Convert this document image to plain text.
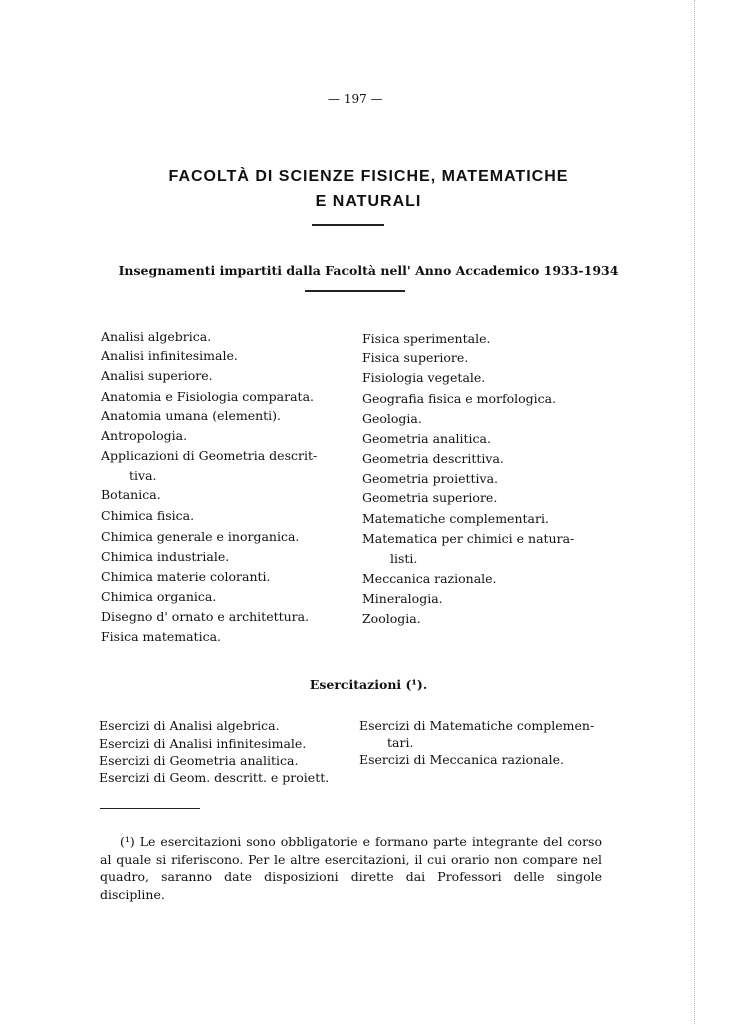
— 197 —
FACOLTÀ DI SCIENZE FISICHE, MATEMATICHE
E NATURALI
Insegnamenti impartiti dalla Facoltà nell' Anno Accademico 1933-1934
Analisi algebrica.
Analisi infinitesimale.
Analisi superiore.
Anatomia e Fisiologia comparata.
Anatomia umana (elementi).
Antropologia.
Applicazioni di Geometria descrit-
tiva.
Botanica.
Chimica fisica.
Chimica generale e inorganica.
Chimica industriale.
Chimica materie coloranti.
Chimica organica.
Disegno d' ornato e architettura.
Fisica matematica.
Fisica sperimentale.
Fisica superiore.
Fisiologia vegetale.
Geografia fisica e morfologica.
Geologia.
Geometria analitica.
Geometria descrittiva.
Geometria proiettiva.
Geometria superiore.
Matematiche complementari.
Matematica per chimici e natura-
listi.
Meccanica razionale.
Mineralogia.
Zoologia.
Esercitazioni (¹).
Esercizi di Analisi algebrica.
Esercizi di Analisi infinitesimale.
Esercizi di Geometria analitica.
Esercizi di Geom. descritt. e proiett.
Esercizi di Matematiche complemen-
tari.
Esercizi di Meccanica razionale.
(¹) Le esercitazioni sono obbligatorie e formano parte integrante del corso al quale si riferiscono. Per le altre esercitazioni, il cui orario non compare nel quadro, saranno date disposizioni dirette dai Professori delle singole discipline.
